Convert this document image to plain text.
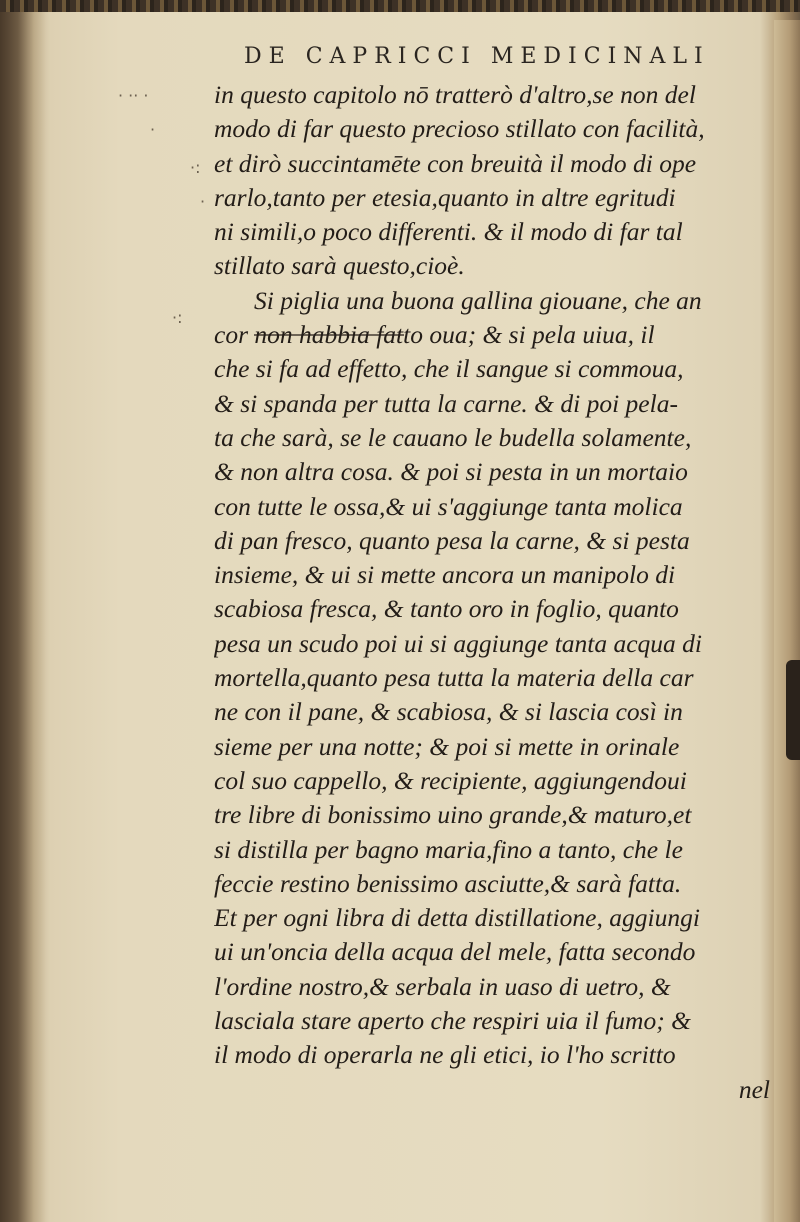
· ·· ·
·
·:
·
·:
DE CAPRICCI MEDICINALI
in questo capitolo nō tratterò d'altro,se non del
modo di far questo precioso stillato con facilità,
et dirò succintamēte con breuità il modo di ope
rarlo,tanto per etesia,quanto in altre egritudi
ni simili,o poco differenti. & il modo di far tal
stillato sarà questo,cioè.
Si piglia una buona gallina giouane, che an
cor non habbia fatto oua; & si pela uiua, il
che si fa ad effetto, che il sangue si commoua,
& si spanda per tutta la carne. & di poi pela-
ta che sarà, se le cauano le budella solamente,
& non altra cosa. & poi si pesta in un mortaio
con tutte le ossa,& ui s'aggiunge tanta molica
di pan fresco, quanto pesa la carne, & si pesta
insieme, & ui si mette ancora un manipolo di
scabiosa fresca, & tanto oro in foglio, quanto
pesa un scudo poi ui si aggiunge tanta acqua di
mortella,quanto pesa tutta la materia della car
ne con il pane, & scabiosa, & si lascia così in
sieme per una notte; & poi si mette in orinale
col suo cappello, & recipiente, aggiungendoui
tre libre di bonissimo uino grande,& maturo,et
si distilla per bagno maria,fino a tanto, che le
feccie restino benissimo asciutte,& sarà fatta.
Et per ogni libra di detta distillatione, aggiungi
ui un'oncia della acqua del mele, fatta secondo
l'ordine nostro,& serbala in uaso di uetro, &
lasciala stare aperto che respiri uia il fumo; &
il modo di operarla ne gli etici, io l'ho scritto
nel
